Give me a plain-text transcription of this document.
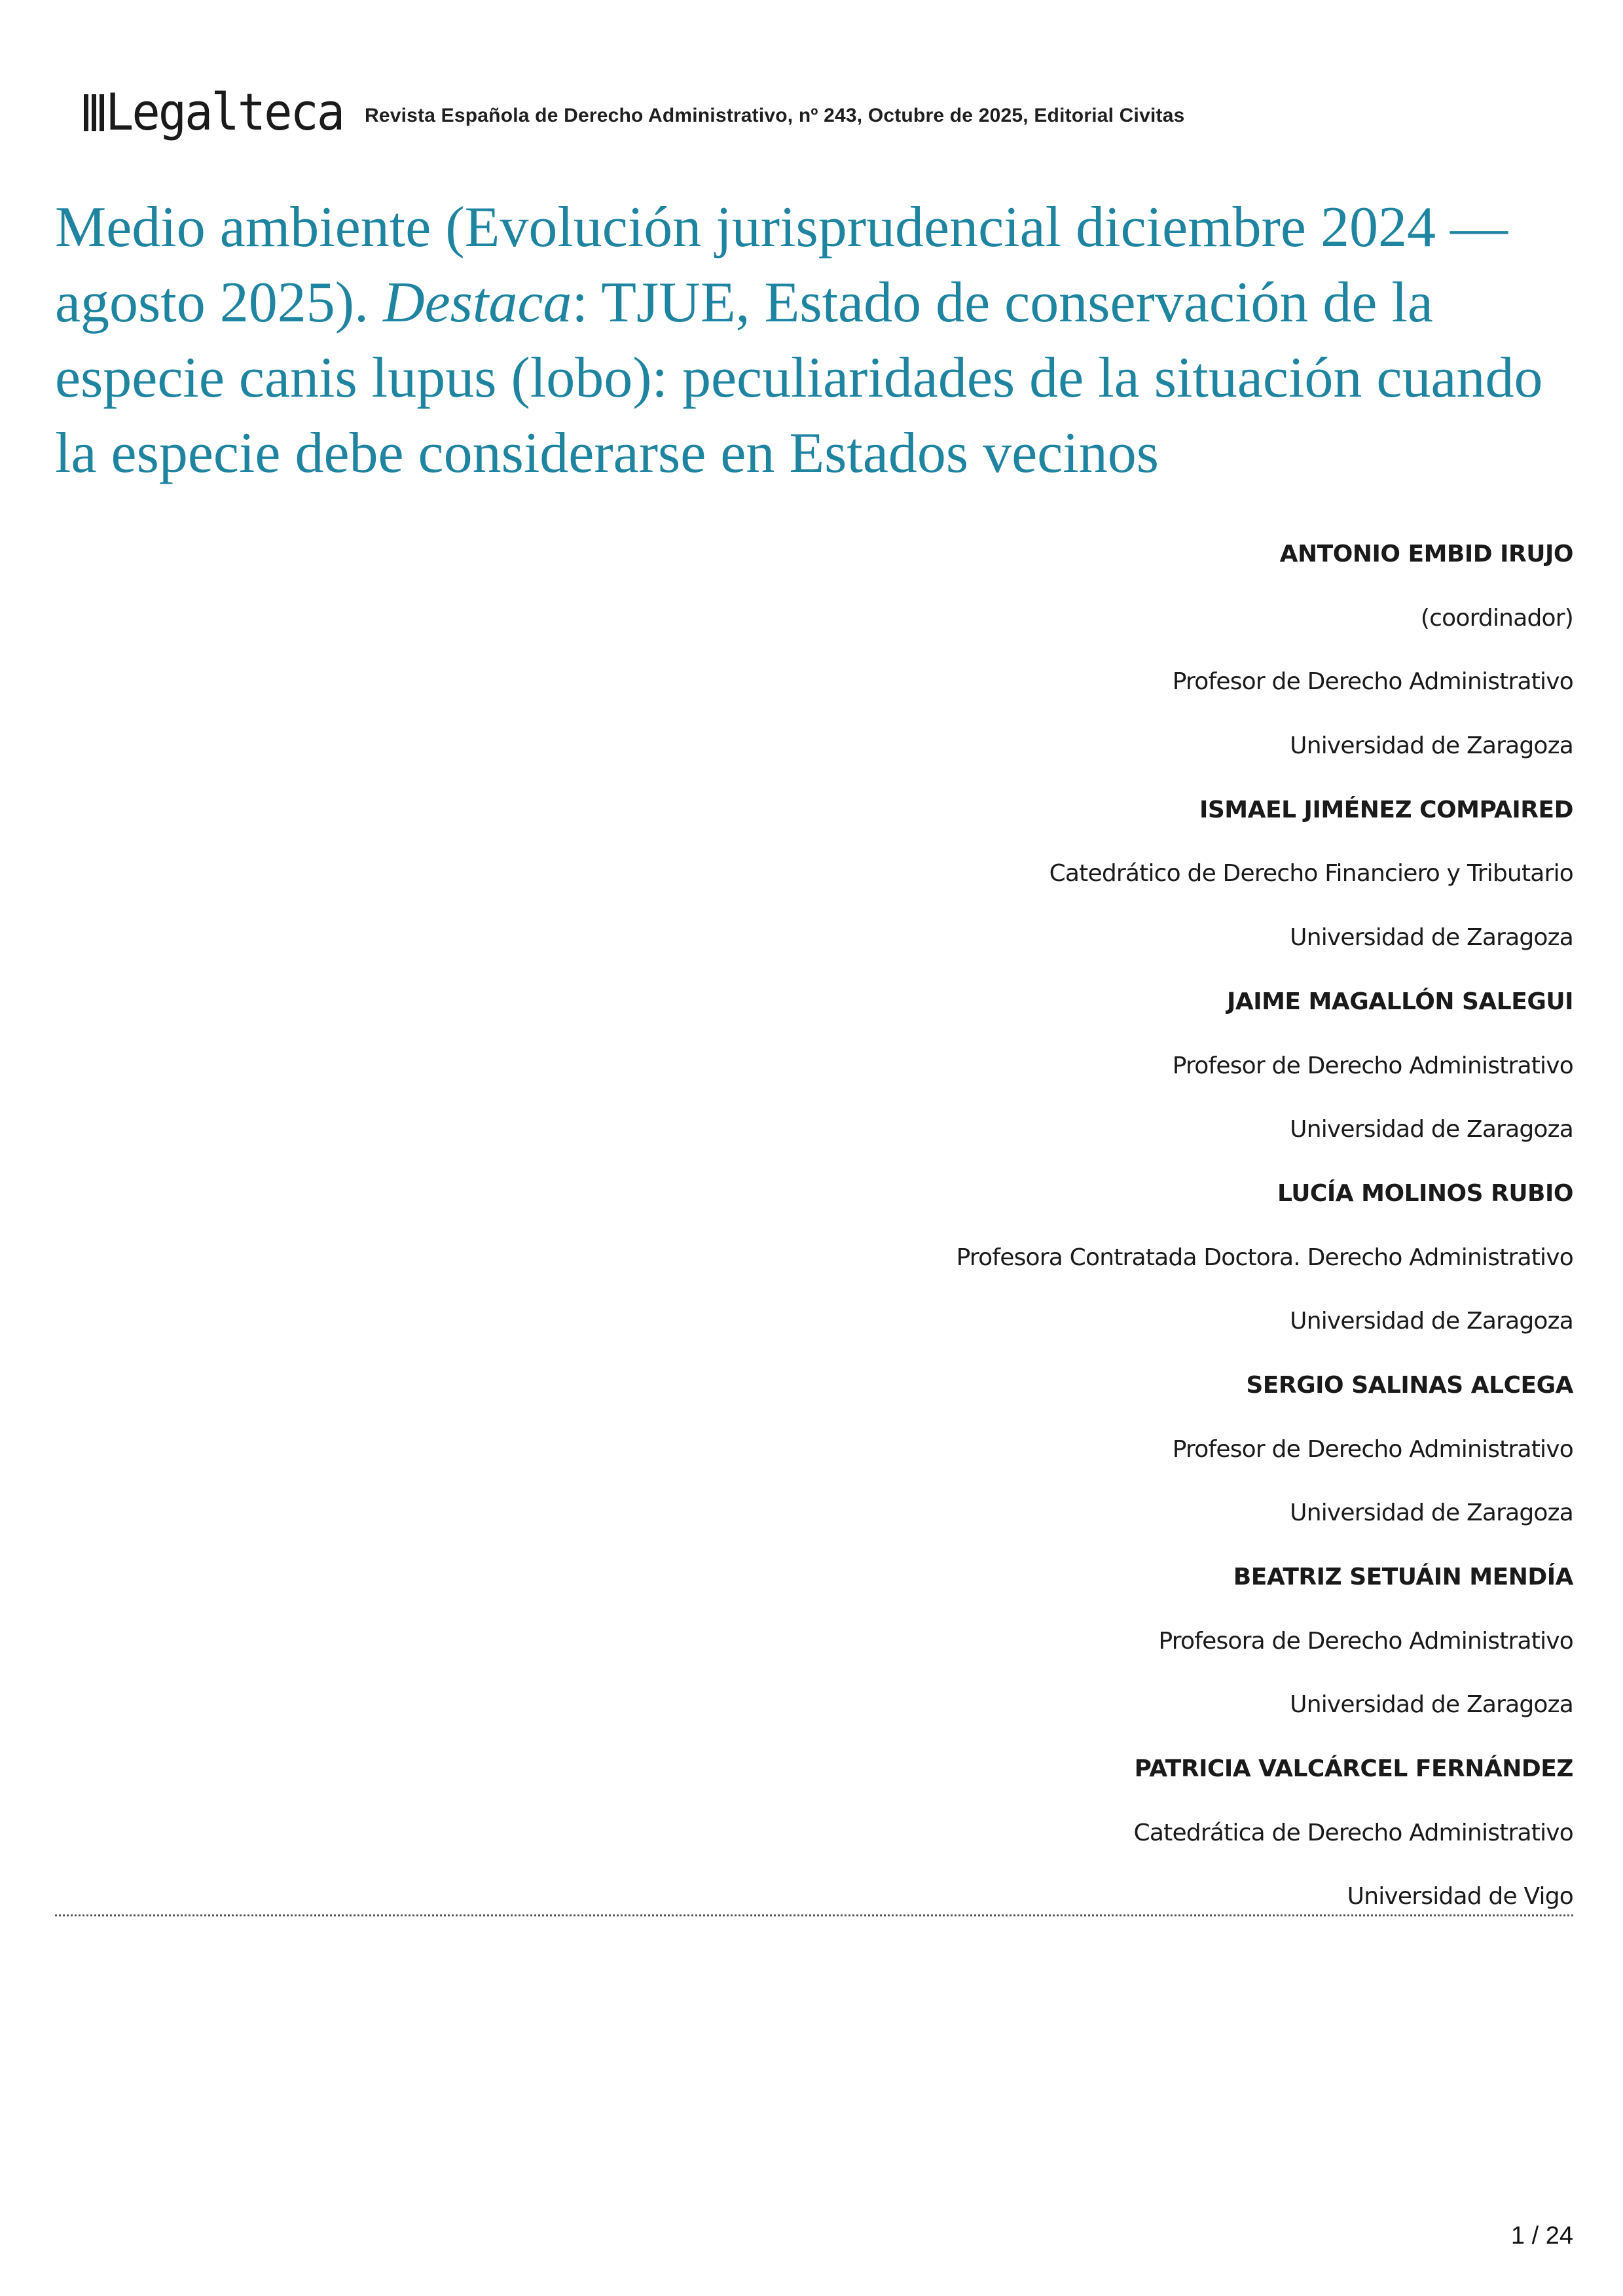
Legalteca Revista Española de Derecho Administrativo, nº 243, Octubre de 2025, Editorial Civitas
Medio ambiente (Evolución jurisprudencial diciembre 2024 —
agosto 2025). Destaca: TJUE, Estado de conservación de la
especie canis lupus (lobo): peculiaridades de la situación cuando
la especie debe considerarse en Estados vecinos
ANTONIO EMBID IRUJO
(coordinador)
Profesor de Derecho Administrativo
Universidad de Zaragoza
ISMAEL JIMÉNEZ COMPAIRED
Catedrático de Derecho Financiero y Tributario
Universidad de Zaragoza
JAIME MAGALLÓN SALEGUI
Profesor de Derecho Administrativo
Universidad de Zaragoza
LUCÍA MOLINOS RUBIO
Profesora Contratada Doctora. Derecho Administrativo
Universidad de Zaragoza
SERGIO SALINAS ALCEGA
Profesor de Derecho Administrativo
Universidad de Zaragoza
BEATRIZ SETUÁIN MENDÍA
Profesora de Derecho Administrativo
Universidad de Zaragoza
PATRICIA VALCÁRCEL FERNÁNDEZ
Catedrática de Derecho Administrativo
Universidad de Vigo
1 / 24
